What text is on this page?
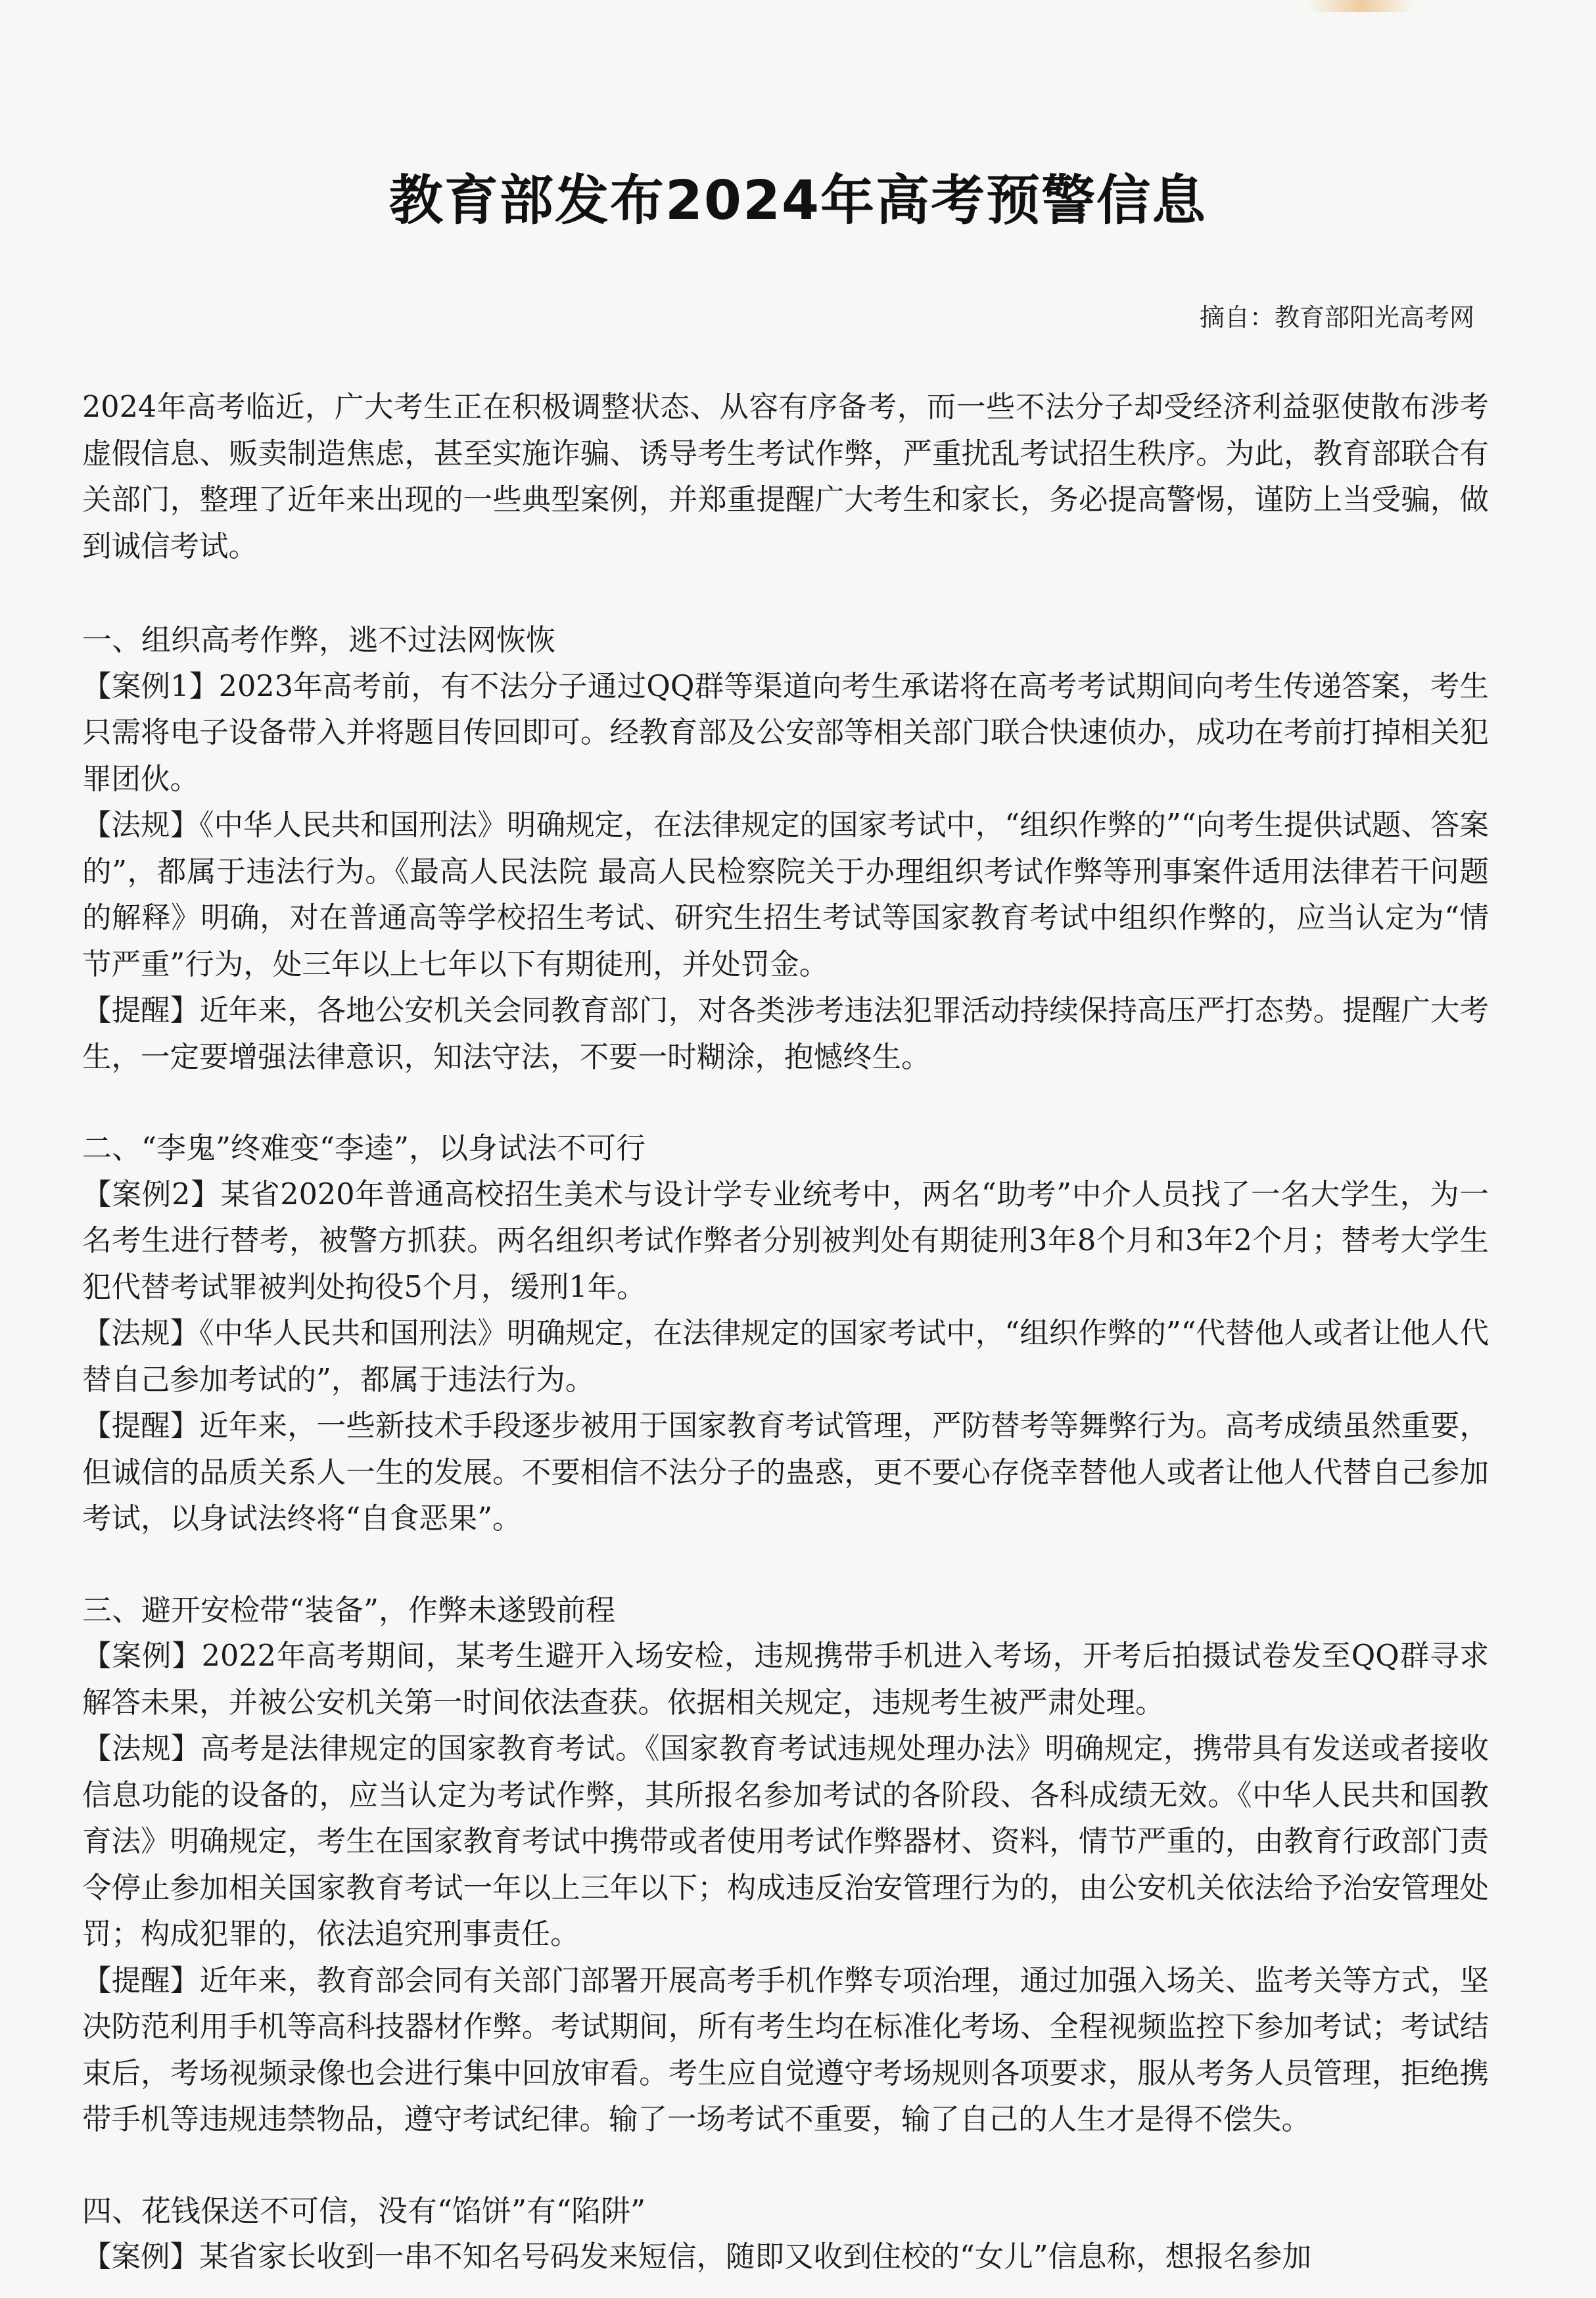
教育部发布2024年高考预警信息
摘自：教育部阳光高考网

2024年高考临近，广大考生正在积极调整状态、从容有序备考，而一些不法分子却受经济利益驱使散布涉考虚假信息、贩卖制造焦虑，甚至实施诈骗、诱导考生考试作弊，严重扰乱考试招生秩序。为此，教育部联合有关部门，整理了近年来出现的一些典型案例，并郑重提醒广大考生和家长，务必提高警惕，谨防上当受骗，做到诚信考试。

一、组织高考作弊，逃不过法网恢恢

【案例1】2023年高考前，有不法分子通过QQ群等渠道向考生承诺将在高考考试期间向考生传递答案，考生只需将电子设备带入并将题目传回即可。经教育部及公安部等相关部门联合快速侦办，成功在考前打掉相关犯罪团伙。

【法规】《中华人民共和国刑法》明确规定，在法律规定的国家考试中，“组织作弊的”“向考生提供试题、答案的”，都属于违法行为。《最高人民法院 最高人民检察院关于办理组织考试作弊等刑事案件适用法律若干问题的解释》明确，对在普通高等学校招生考试、研究生招生考试等国家教育考试中组织作弊的，应当认定为“情节严重”行为，处三年以上七年以下有期徒刑，并处罚金。

【提醒】近年来，各地公安机关会同教育部门，对各类涉考违法犯罪活动持续保持高压严打态势。提醒广大考生，一定要增强法律意识，知法守法，不要一时糊涂，抱憾终生。

二、“李鬼”终难变“李逵”，以身试法不可行

【案例2】某省2020年普通高校招生美术与设计学专业统考中，两名“助考”中介人员找了一名大学生，为一名考生进行替考，被警方抓获。两名组织考试作弊者分别被判处有期徒刑3年8个月和3年2个月；替考大学生犯代替考试罪被判处拘役5个月，缓刑1年。

【法规】《中华人民共和国刑法》明确规定，在法律规定的国家考试中，“组织作弊的”“代替他人或者让他人代替自己参加考试的”，都属于违法行为。

【提醒】近年来，一些新技术手段逐步被用于国家教育考试管理，严防替考等舞弊行为。高考成绩虽然重要，但诚信的品质关系人一生的发展。不要相信不法分子的蛊惑，更不要心存侥幸替他人或者让他人代替自己参加考试，以身试法终将“自食恶果”。

三、避开安检带“装备”，作弊未遂毁前程

【案例】2022年高考期间，某考生避开入场安检，违规携带手机进入考场，开考后拍摄试卷发至QQ群寻求解答未果，并被公安机关第一时间依法查获。依据相关规定，违规考生被严肃处理。

【法规】高考是法律规定的国家教育考试。《国家教育考试违规处理办法》明确规定，携带具有发送或者接收信息功能的设备的，应当认定为考试作弊，其所报名参加考试的各阶段、各科成绩无效。《中华人民共和国教育法》明确规定，考生在国家教育考试中携带或者使用考试作弊器材、资料，情节严重的，由教育行政部门责令停止参加相关国家教育考试一年以上三年以下；构成违反治安管理行为的，由公安机关依法给予治安管理处罚；构成犯罪的，依法追究刑事责任。

【提醒】近年来，教育部会同有关部门部署开展高考手机作弊专项治理，通过加强入场关、监考关等方式，坚决防范利用手机等高科技器材作弊。考试期间，所有考生均在标准化考场、全程视频监控下参加考试；考试结束后，考场视频录像也会进行集中回放审看。考生应自觉遵守考场规则各项要求，服从考务人员管理，拒绝携带手机等违规违禁物品，遵守考试纪律。输了一场考试不重要，输了自己的人生才是得不偿失。

四、花钱保送不可信，没有“馅饼”有“陷阱”

【案例】某省家长收到一串不知名号码发来短信，随即又收到住校的“女儿”信息称，想报名参加
